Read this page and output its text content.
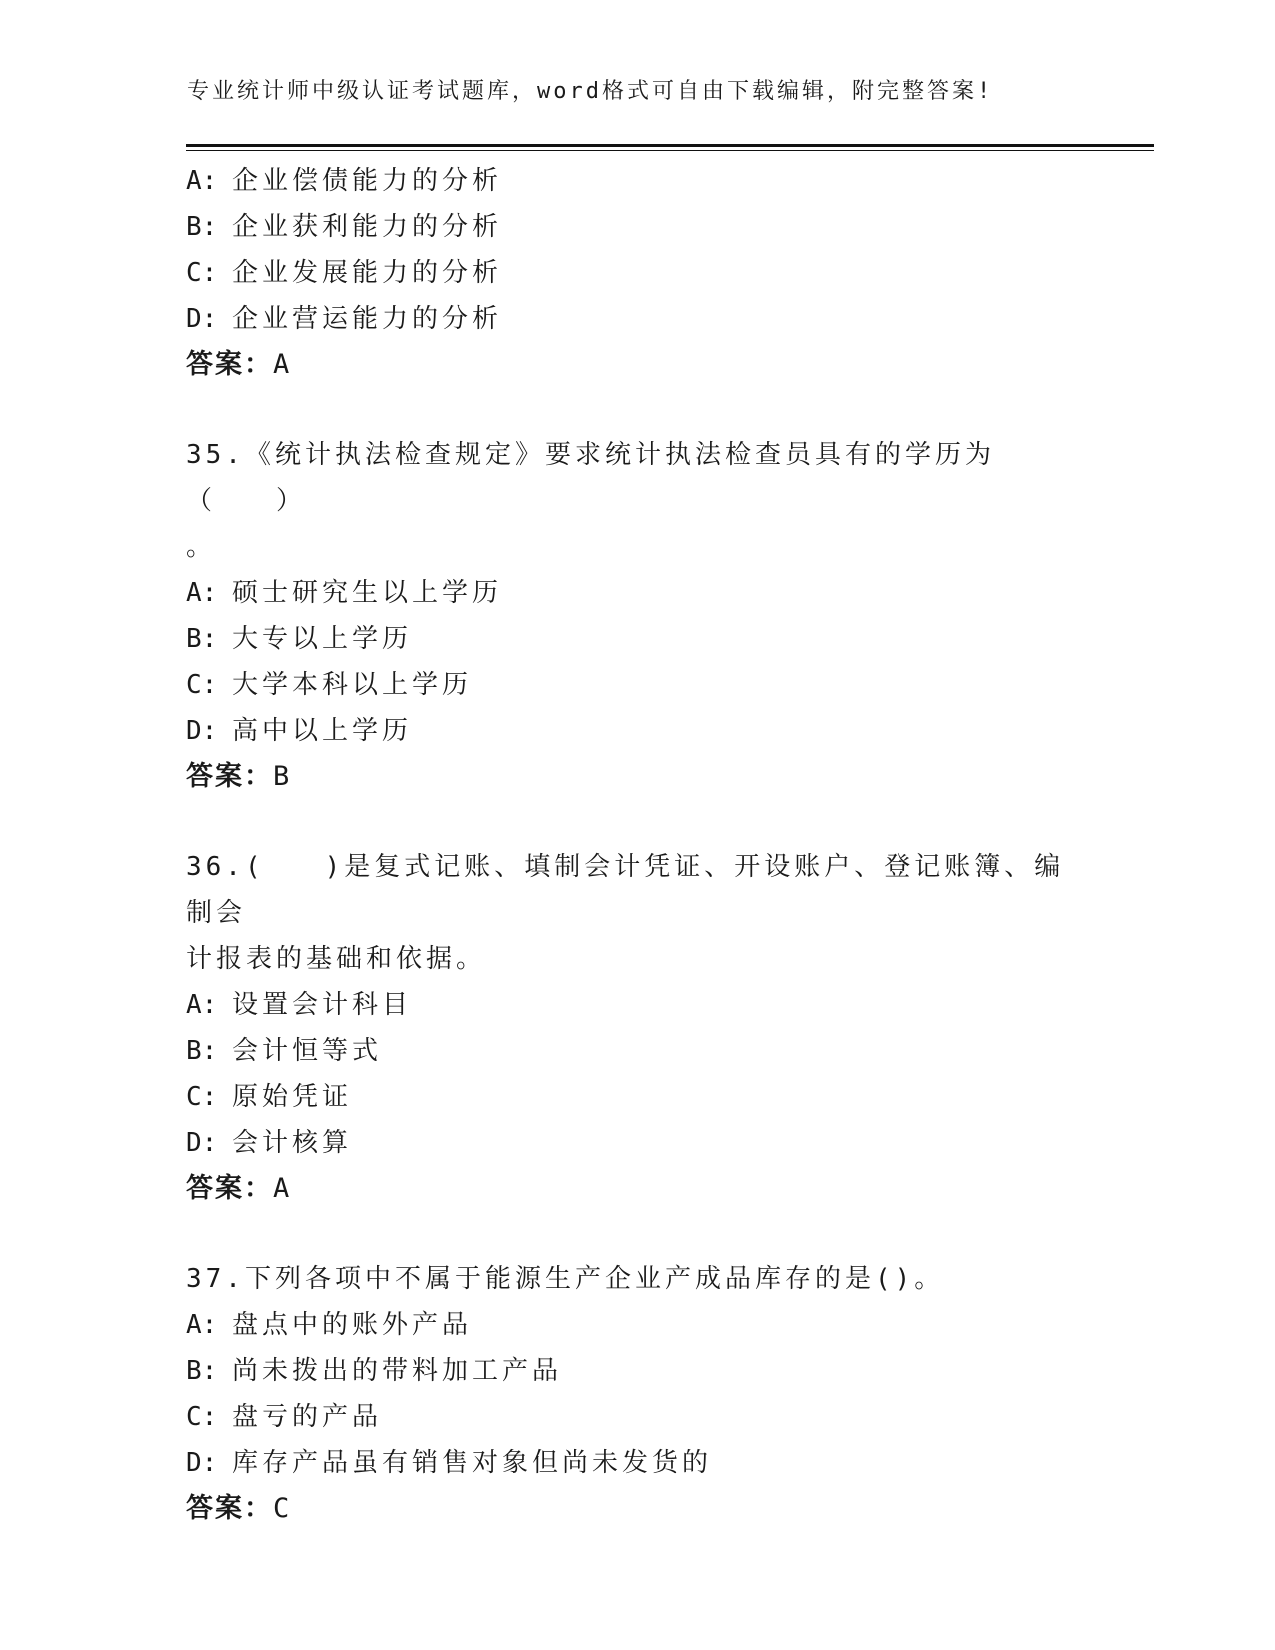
专业统计师中级认证考试题库，word格式可自由下载编辑，附完整答案!
A: 企业偿债能力的分析
B: 企业获利能力的分析
C: 企业发展能力的分析
D: 企业营运能力的分析
答案：A
35.《统计执法检查规定》要求统计执法检查员具有的学历为（　　）
。
A: 硕士研究生以上学历
B: 大专以上学历
C: 大学本科以上学历
D: 高中以上学历
答案：B
36.(　　)是复式记账、填制会计凭证、开设账户、登记账簿、编制会
计报表的基础和依据。
A: 设置会计科目
B: 会计恒等式
C: 原始凭证
D: 会计核算
答案：A
37.下列各项中不属于能源生产企业产成品库存的是()。
A: 盘点中的账外产品
B: 尚未拨出的带料加工产品
C: 盘亏的产品
D: 库存产品虽有销售对象但尚未发货的
答案：C
